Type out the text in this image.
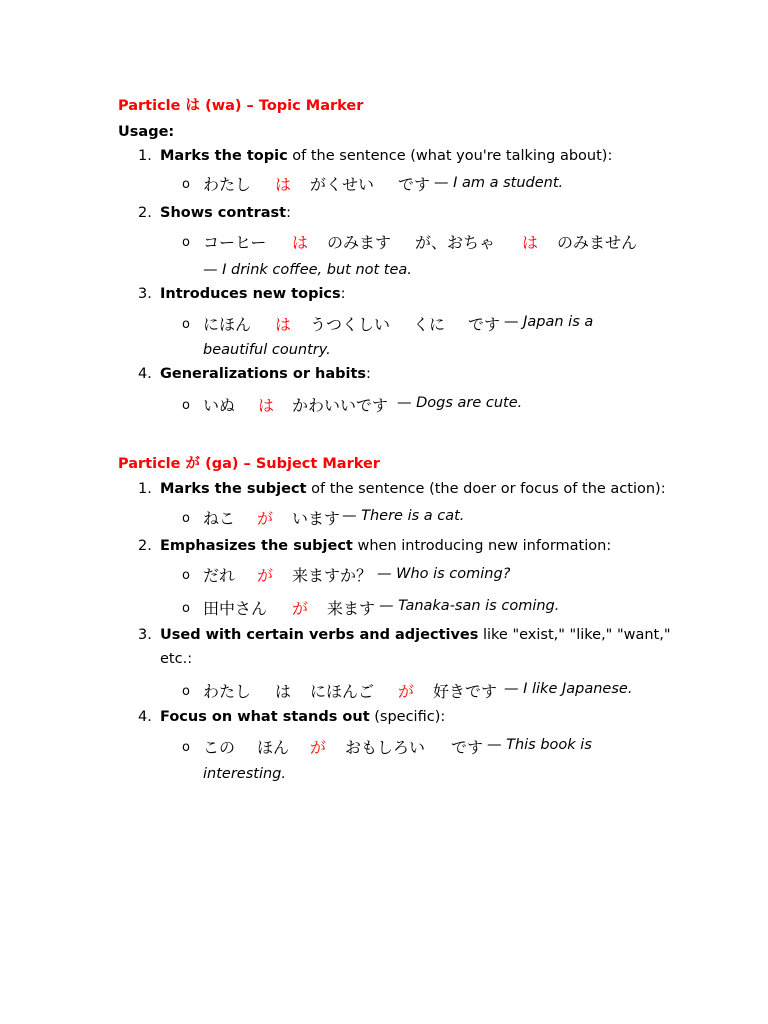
Particle は (wa) – Topic Marker
Usage:
1. Marks the topic of the sentence (what you're talking about):
o わたし は がくせい です — I am a student.
2. Shows contrast:
o コーヒー は のみます が、おちゃ は のみません
— I drink coffee, but not tea.
3. Introduces new topics:
o にほん は うつくしい くに です — Japan is a
beautiful country.
4. Generalizations or habits:
o いぬ は かわいいです — Dogs are cute.
Particle が (ga) – Subject Marker
1. Marks the subject of the sentence (the doer or focus of the action):
o ねこ が います — There is a cat.
2. Emphasizes the subject when introducing new information:
o だれ が 来ますか？ — Who is coming?
o 田中さん が 来ます — Tanaka-san is coming.
3. Used with certain verbs and adjectives like "exist," "like," "want,"
etc.:
o わたし は にほんご が 好きです — I like Japanese.
4. Focus on what stands out (specific):
o この ほん が おもしろい です — This book is
interesting.
